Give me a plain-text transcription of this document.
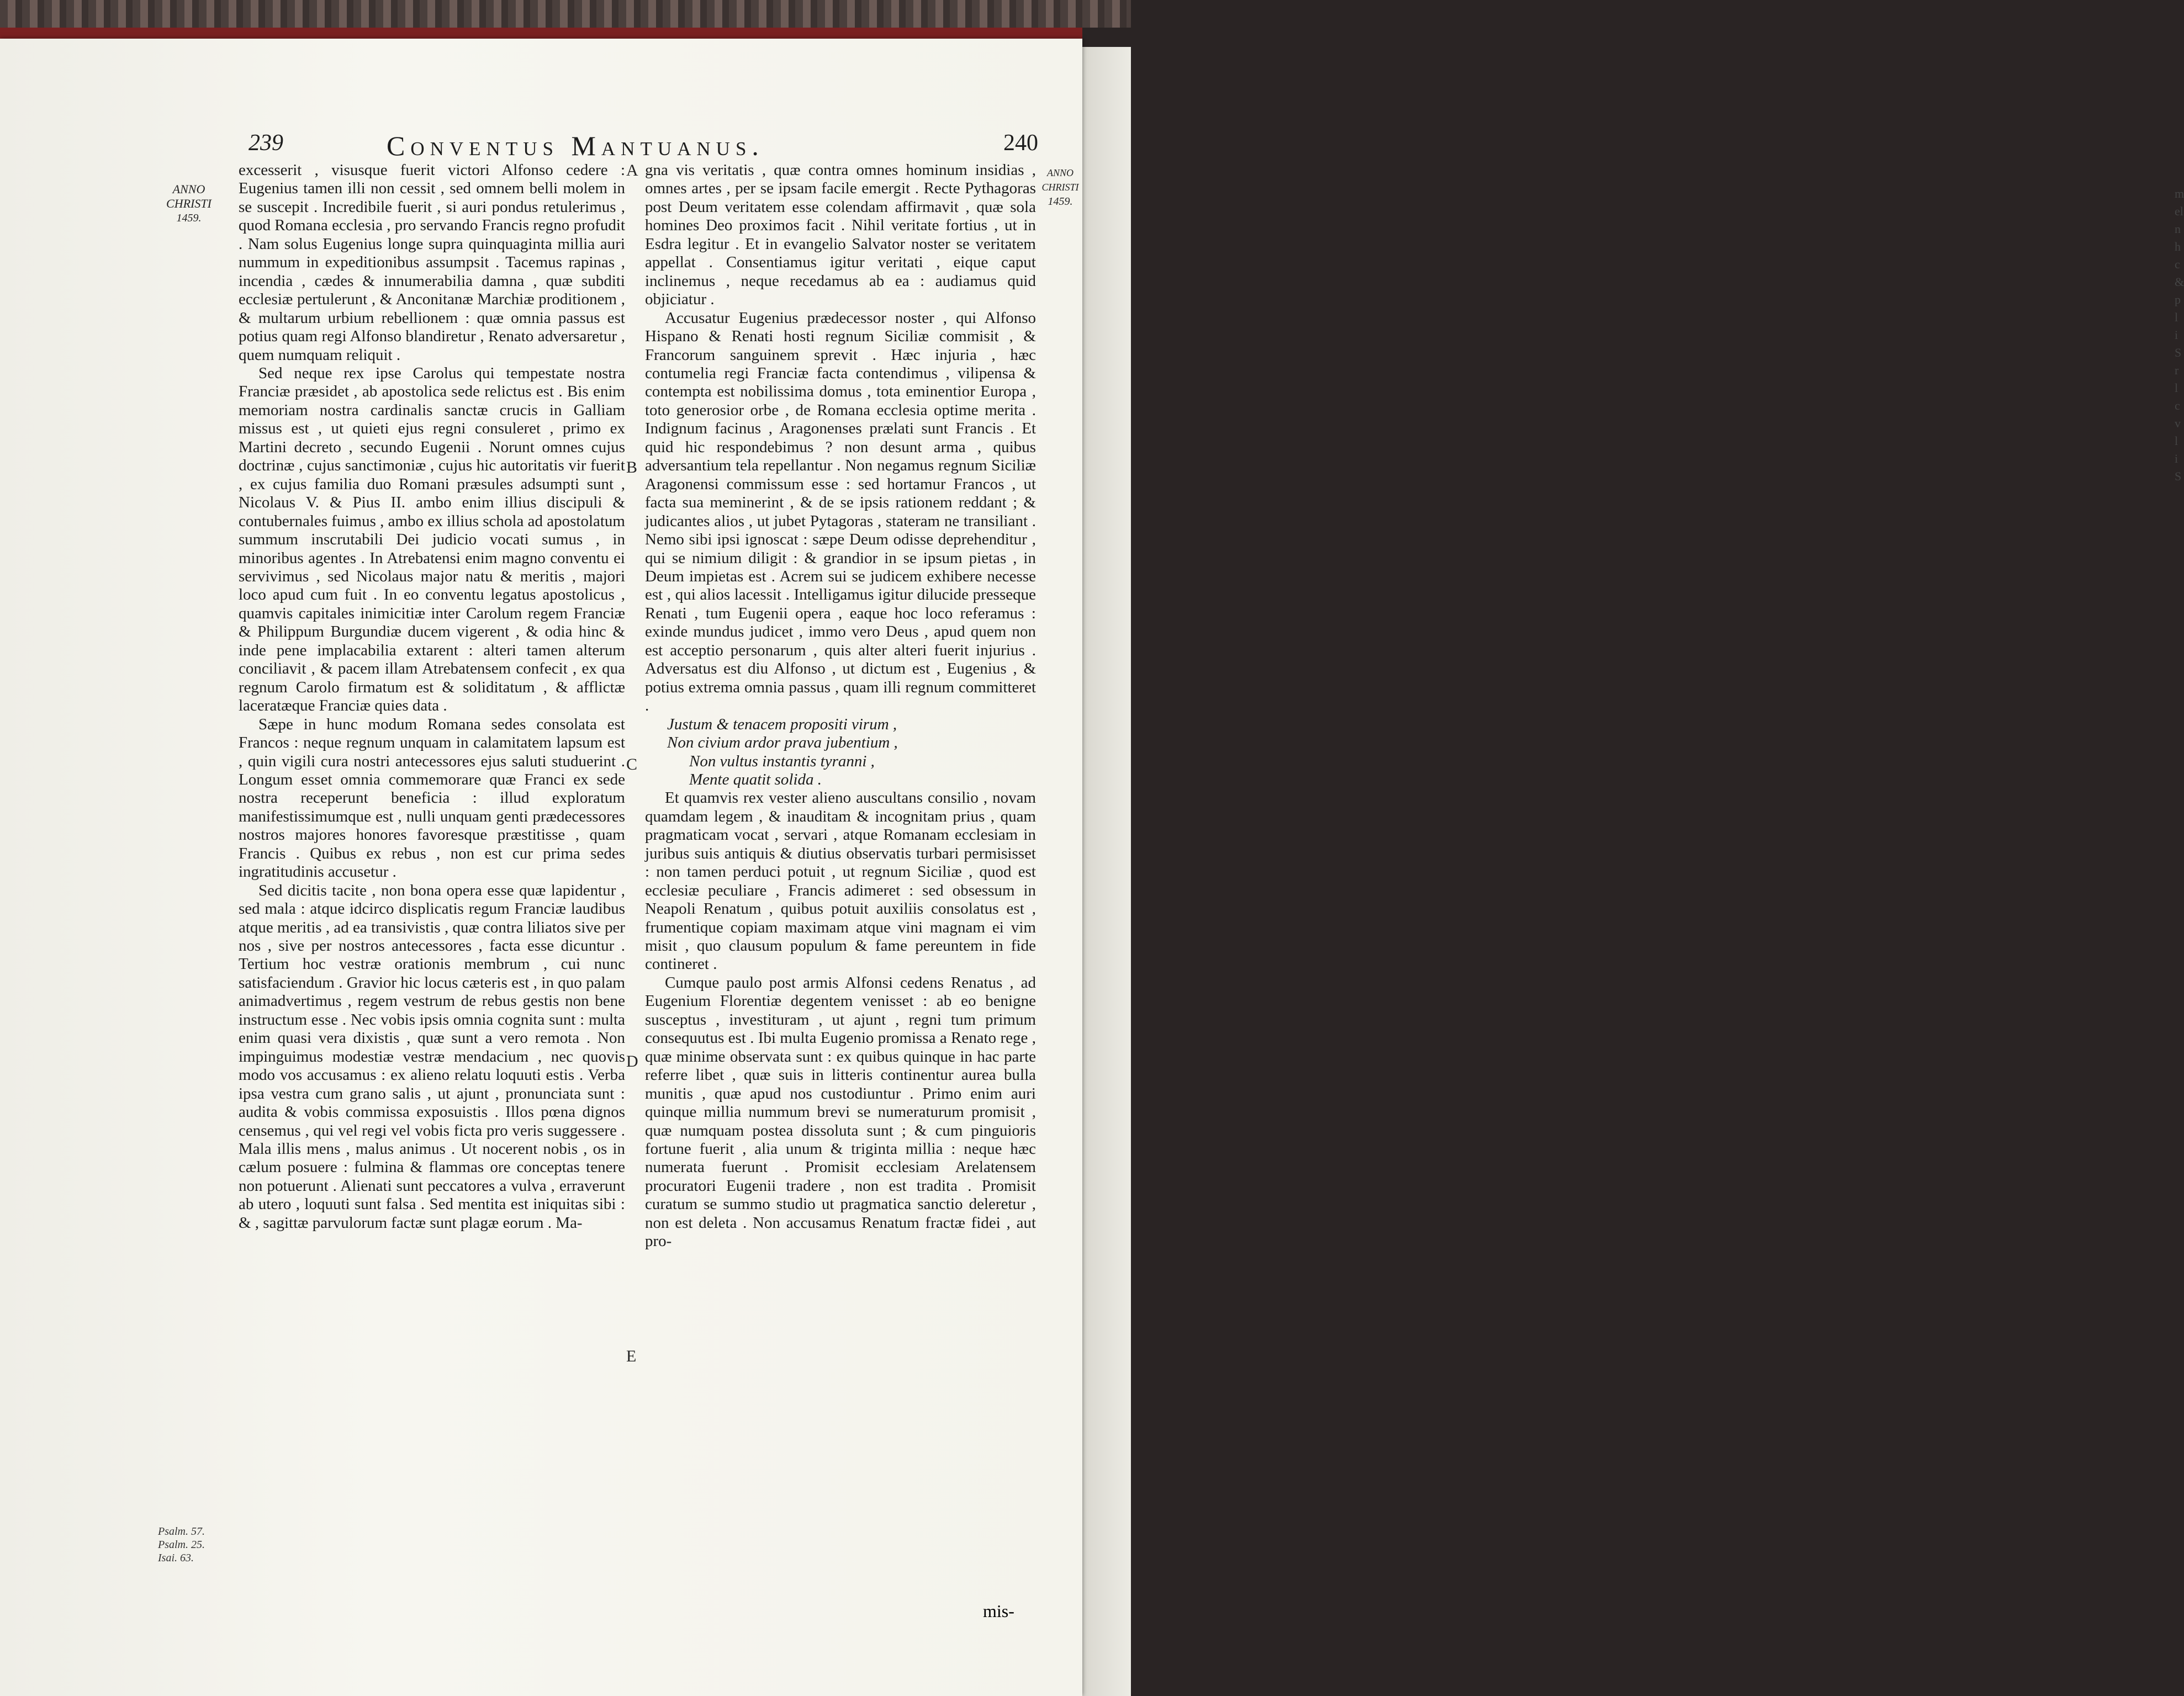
m
el
n
h
c
&
p
l
i
S
r
l
c
v
l
i
S
239	Conventus Mantuanus.	240
ANNO
CHRISTI

1459.
ANNO
CHRISTI

1459.
A
B
C
D
E

excesserit , visusque fuerit victori Alfonso cedere : Eugenius tamen illi non cessit , sed omnem belli molem in se suscepit . Incredibile fuerit , si auri pondus retulerimus , quod Romana ecclesia , pro servando Francis regno profudit . Nam solus Eugenius longe supra quinquaginta millia auri nummum in expeditionibus assumpsit . Tacemus rapinas , incendia , cædes & innumerabilia damna , quæ subditi ecclesiæ pertulerunt , & Anconitanæ Marchiæ proditionem , & multarum urbium rebellionem : quæ omnia passus est potius quam regi Alfonso blandiretur , Renato adversaretur , quem numquam reliquit .

Sed neque rex ipse Carolus qui tempestate nostra Franciæ præsidet , ab apostolica sede relictus est . Bis enim memoriam nostra cardinalis sanctæ crucis in Galliam missus est , ut quieti ejus regni consuleret , primo ex Martini decreto , secundo Eugenii . Norunt omnes cujus doctrinæ , cujus sanctimoniæ , cujus hic autoritatis vir fuerit , ex cujus familia duo Romani præsules adsumpti sunt , Nicolaus V. & Pius II. ambo enim illius discipuli & contubernales fuimus , ambo ex illius schola ad apostolatum summum inscrutabili Dei judicio vocati sumus , in minoribus agentes . In Atrebatensi enim magno conventu ei servivimus , sed Nicolaus major natu & meritis , majori loco apud cum fuit . In eo conventu legatus apostolicus , quamvis capitales inimicitiæ inter Carolum regem Franciæ & Philippum Burgundiæ ducem vigerent , & odia hinc & inde pene implacabilia extarent : alteri tamen alterum conciliavit , & pacem illam Atrebatensem confecit , ex qua regnum Carolo firmatum est & soliditatum , & afflictæ laceratæque Franciæ quies data .

Sæpe in hunc modum Romana sedes consolata est Francos : neque regnum unquam in calamitatem lapsum est , quin vigili cura nostri antecessores ejus saluti studuerint . Longum esset omnia commemorare quæ Franci ex sede nostra receperunt beneficia : illud exploratum manifestissimumque est , nulli unquam genti prædecessores nostros majores honores favoresque præstitisse , quam Francis . Quibus ex rebus , non est cur prima sedes ingratitudinis accusetur .

Sed dicitis tacite , non bona opera esse quæ lapidentur , sed mala : atque idcirco displicatis regum Franciæ laudibus atque meritis , ad ea transivistis , quæ contra liliatos sive per nos , sive per nostros antecessores , facta esse dicuntur . Tertium hoc vestræ orationis membrum , cui nunc satisfaciendum . Gravior hic locus cæteris est , in quo palam animadvertimus , regem vestrum de rebus gestis non bene instructum esse . Nec vobis ipsis omnia cognita sunt : multa enim quasi vera dixistis , quæ sunt a vero remota . Non impinguimus modestiæ vestræ mendacium , nec quovis modo vos accusamus : ex alieno relatu loquuti estis . Verba ipsa vestra cum grano salis , ut ajunt , pronunciata sunt : audita & vobis commissa exposuistis . Illos pœna dignos censemus , qui vel regi vel vobis ficta pro veris suggessere . Mala illis mens , malus animus . Ut nocerent nobis , os in cælum posuere : fulmina & flammas ore conceptas tenere non potuerunt . Alienati sunt peccatores a vulva , erraverunt ab utero , loquuti sunt falsa . Sed mentita est iniquitas sibi : & , sagittæ parvulorum factæ sunt plagæ eorum . Ma-

gna vis veritatis , quæ contra omnes hominum insidias , omnes artes , per se ipsam facile emergit . Recte Pythagoras post Deum veritatem esse colendam affirmavit , quæ sola homines Deo proximos facit . Nihil veritate fortius , ut in Esdra legitur . Et in evangelio Salvator noster se veritatem appellat . Consentiamus igitur veritati , eique caput inclinemus , neque recedamus ab ea : audiamus quid objiciatur .

Accusatur Eugenius prædecessor noster , qui Alfonso Hispano & Renati hosti regnum Siciliæ commisit , & Francorum sanguinem sprevit . Hæc injuria , hæc contumelia regi Franciæ facta contendimus , vilipensa & contempta est nobilissima domus , tota eminentior Europa , toto generosior orbe , de Romana ecclesia optime merita . Indignum facinus , Aragonenses prælati sunt Francis . Et quid hic respondebimus ? non desunt arma , quibus adversantium tela repellantur . Non negamus regnum Siciliæ Aragonensi commissum esse : sed hortamur Francos , ut facta sua meminerint , & de se ipsis rationem reddant ; & judicantes alios , ut jubet Pytagoras , stateram ne transiliant . Nemo sibi ipsi ignoscat : sæpe Deum odisse deprehenditur , qui se nimium diligit : & grandior in se ipsum pietas , in Deum impietas est . Acrem sui se judicem exhibere necesse est , qui alios lacessit . Intelligamus igitur dilucide presseque Renati , tum Eugenii opera , eaque hoc loco referamus : exinde mundus judicet , immo vero Deus , apud quem non est acceptio personarum , quis alter alteri fuerit injurius . Adversatus est diu Alfonso , ut dictum est , Eugenius , & potius extrema omnia passus , quam illi regnum committeret .

Justum & tenacem propositi virum ,

Non civium ardor prava jubentium ,

Non vultus instantis tyranni ,

Mente quatit solida .

Et quamvis rex vester alieno auscultans consilio , novam quamdam legem , & inauditam & incognitam prius , quam pragmaticam vocat , servari , atque Romanam ecclesiam in juribus suis antiquis & diutius observatis turbari permisisset : non tamen perduci potuit , ut regnum Siciliæ , quod est ecclesiæ peculiare , Francis adimeret : sed obsessum in Neapoli Renatum , quibus potuit auxiliis consolatus est , frumentique copiam maximam atque vini magnam ei vim misit , quo clausum populum & fame pereuntem in fide contineret .

Cumque paulo post armis Alfonsi cedens Renatus , ad Eugenium Florentiæ degentem venisset : ab eo benigne susceptus , investituram , ut ajunt , regni tum primum consequutus est . Ibi multa Eugenio promissa a Renato rege , quæ minime observata sunt : ex quibus quinque in hac parte referre libet , quæ suis in litteris continentur aurea bulla munitis , quæ apud nos custodiuntur . Primo enim auri quinque millia nummum brevi se numeraturum promisit , quæ numquam postea dissoluta sunt ; & cum pinguioris fortune fuerit , alia unum & triginta millia : neque hæc numerata fuerunt . Promisit ecclesiam Arelatensem procuratori Eugenii tradere , non est tradita . Promisit curatum se summo studio ut pragmatica sanctio deleretur , non est deleta . Non accusamus Renatum fractæ fidei , aut pro-

Psalm. 57.
Psalm. 25.
Isai. 63.
mis-
